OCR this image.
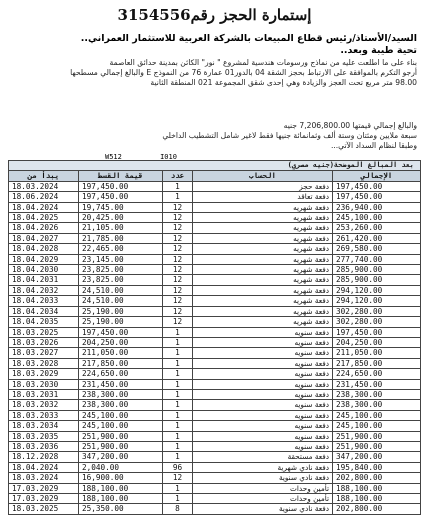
إستمارة الحجز رقم3154556
السيد/الأستاذ/رئيس قطاع المبيعات بالشركة العربية للاستثمار العمراني..
تحية طيبة وبعد..
بناء على ما اطلعت عليه من نماذج ورسومات هندسية لمشروع " نور" الكائن بمدينة حدائق العاصمة
أرجو التكرم بالموافقة على الارتباط بحجز الشقة 04 بالدور01 عمارة 76 من النموذج E والبالغ إجمالي مسطحها
98.00 متر مربع تحت العجز والزيادة وهي إحدى شقق المجموعة 021 المنطقة الثانية
والبالغ إجمالي قيمتها 7,206,800.00 جنيه
سبعة ملايين ومئتان وستة ألف وثمانمائة جنيها فقط لاغير شامل التشطيب الداخلي
وطبقا لنظام السداد الآتي...
W512	I010
بعد المبالغ الموضحة(جنيه مصري)				
يبدأ من	قيمة القسط	عدد	الحساب	الإجمالي
18.03.2024	197,450.00	1	دفعة حجز	197,450.00
18.06.2024	197,450.00	1	دفعة تعاقد	197,450.00
18.04.2024	19,745.00	12	دفعة شهريه	236,940.00
18.04.2025	20,425.00	12	دفعة شهريه	245,100.00
18.04.2026	21,105.00	12	دفعة شهريه	253,260.00
18.04.2027	21,785.00	12	دفعة شهريه	261,420.00
18.04.2028	22,465.00	12	دفعة شهريه	269,580.00
18.04.2029	23,145.00	12	دفعة شهريه	277,740.00
18.04.2030	23,825.00	12	دفعة شهريه	285,900.00
18.04.2031	23,825.00	12	دفعة شهريه	285,900.00
18.04.2032	24,510.00	12	دفعة شهريه	294,120.00
18.04.2033	24,510.00	12	دفعة شهريه	294,120.00
18.04.2034	25,190.00	12	دفعة شهريه	302,280.00
18.04.2035	25,190.00	12	دفعة شهريه	302,280.00
18.03.2025	197,450.00	1	دفعة سنويه	197,450.00
18.03.2026	204,250.00	1	دفعة سنويه	204,250.00
18.03.2027	211,050.00	1	دفعة سنويه	211,050.00
18.03.2028	217,850.00	1	دفعة سنويه	217,850.00
18.03.2029	224,650.00	1	دفعة سنويه	224,650.00
18.03.2030	231,450.00	1	دفعة سنويه	231,450.00
18.03.2031	238,300.00	1	دفعة سنويه	238,300.00
18.03.2032	238,300.00	1	دفعة سنويه	238,300.00
18.03.2033	245,100.00	1	دفعة سنويه	245,100.00
18.03.2034	245,100.00	1	دفعة سنويه	245,100.00
18.03.2035	251,900.00	1	دفعة سنويه	251,900.00
18.03.2036	251,900.00	1	دفعة سنويه	251,900.00
18.12.2028	347,200.00	1	دفعة مستحقة	347,200.00
18.04.2024	2,040.00	96	دفعة نادي شهرية	195,840.00
18.03.2024	16,900.00	12	دفعة نادي سنوية	202,800.00
17.03.2029	188,100.00	1	تأمين وحدات	188,100.00
17.03.2029	188,100.00	1	تأمين وحدات	188,100.00
18.03.2025	25,350.00	8	دفعة نادي سنوية	202,800.00
